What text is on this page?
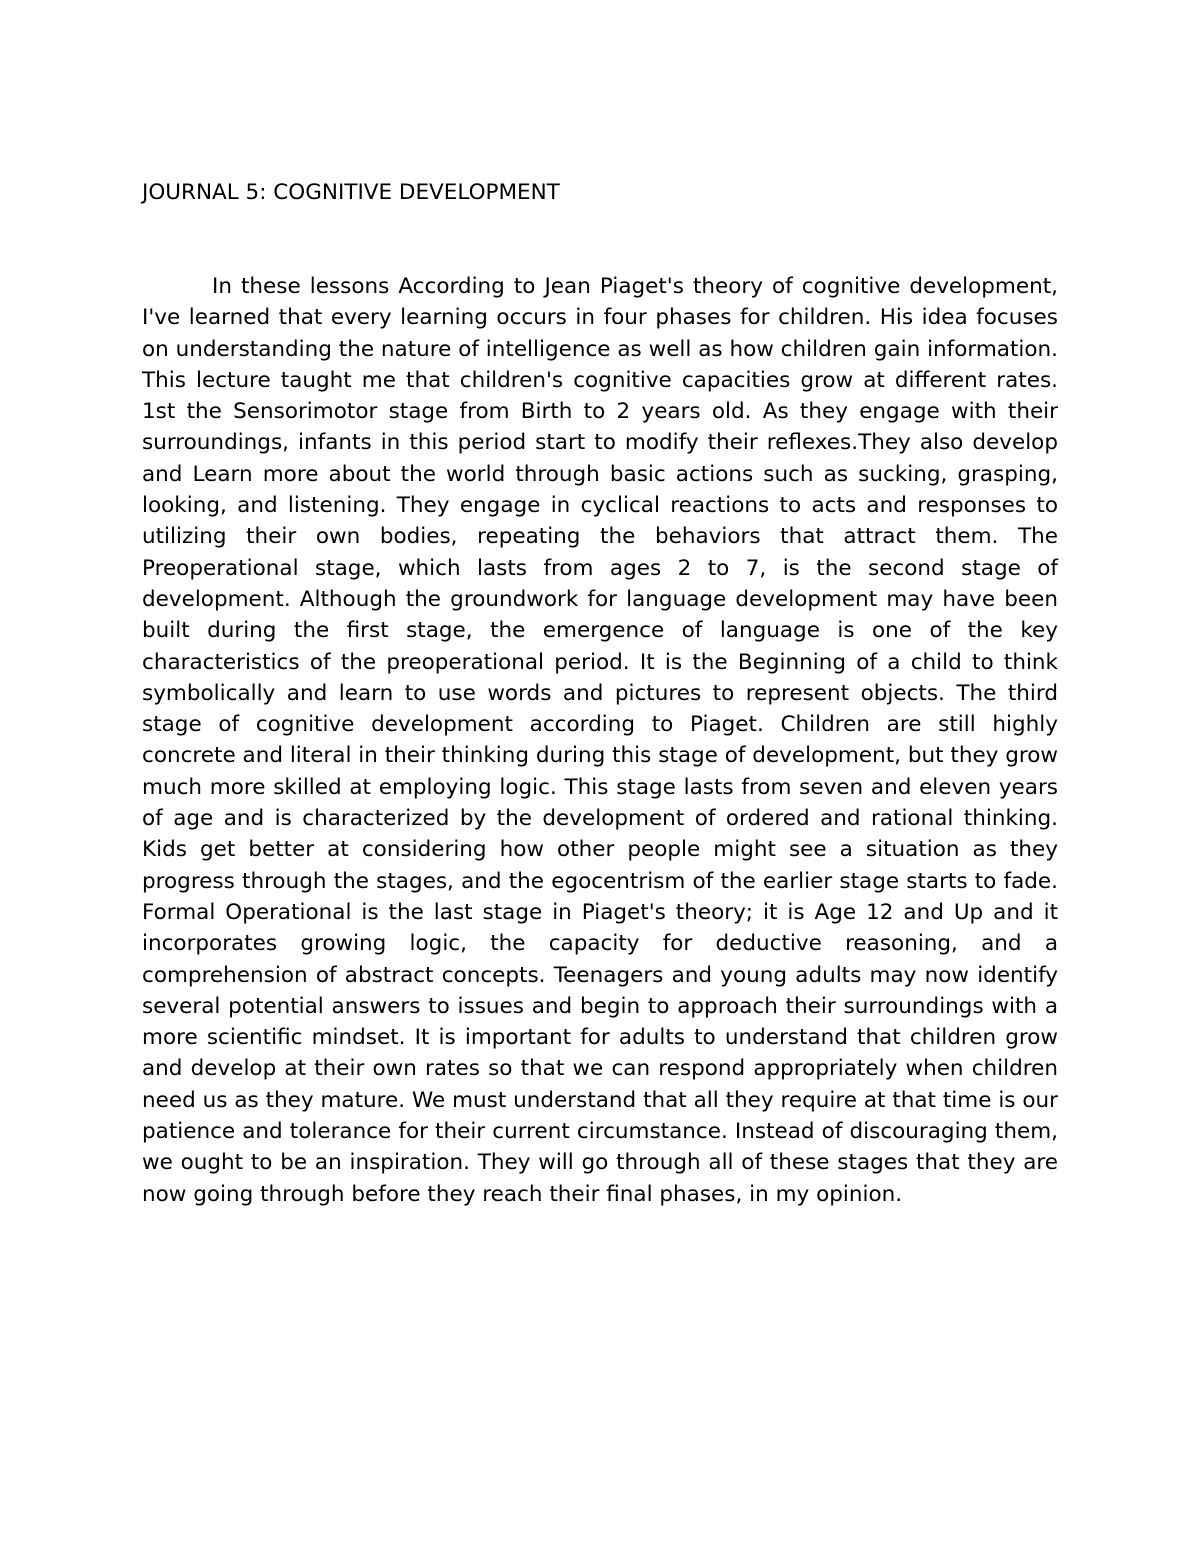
JOURNAL 5: COGNITIVE DEVELOPMENT

In these lessons According to Jean Piaget's theory of cognitive development, I've learned that every learning occurs in four phases for children. His idea focuses on understanding the nature of intelligence as well as how children gain information. This lecture taught me that children's cognitive capacities grow at different rates. 1st the Sensorimotor stage from Birth to 2 years old. As they engage with their surroundings, infants in this period start to modify their reflexes.They also develop and Learn more about the world through basic actions such as sucking, grasping, looking, and listening. They engage in cyclical reactions to acts and responses to utilizing their own bodies, repeating the behaviors that attract them. The Preoperational stage, which lasts from ages 2 to 7, is the second stage of development. Although the groundwork for language development may have been built during the first stage, the emergence of language is one of the key characteristics of the preoperational period. It is the Beginning of a child to think symbolically and learn to use words and pictures to represent objects. The third stage of cognitive development according to Piaget. Children are still highly concrete and literal in their thinking during this stage of development, but they grow much more skilled at employing logic. This stage lasts from seven and eleven years of age and is characterized by the development of ordered and rational thinking. Kids get better at considering how other people might see a situation as they progress through the stages, and the egocentrism of the earlier stage starts to fade. Formal Operational is the last stage in Piaget's theory; it is Age 12 and Up and it incorporates growing logic, the capacity for deductive reasoning, and a comprehension of abstract concepts. Teenagers and young adults may now identify several potential answers to issues and begin to approach their surroundings with a more scientific mindset. It is important for adults to understand that children grow and develop at their own rates so that we can respond appropriately when children need us as they mature. We must understand that all they require at that time is our patience and tolerance for their current circumstance. Instead of discouraging them, we ought to be an inspiration. They will go through all of these stages that they are now going through before they reach their final phases, in my opinion.
